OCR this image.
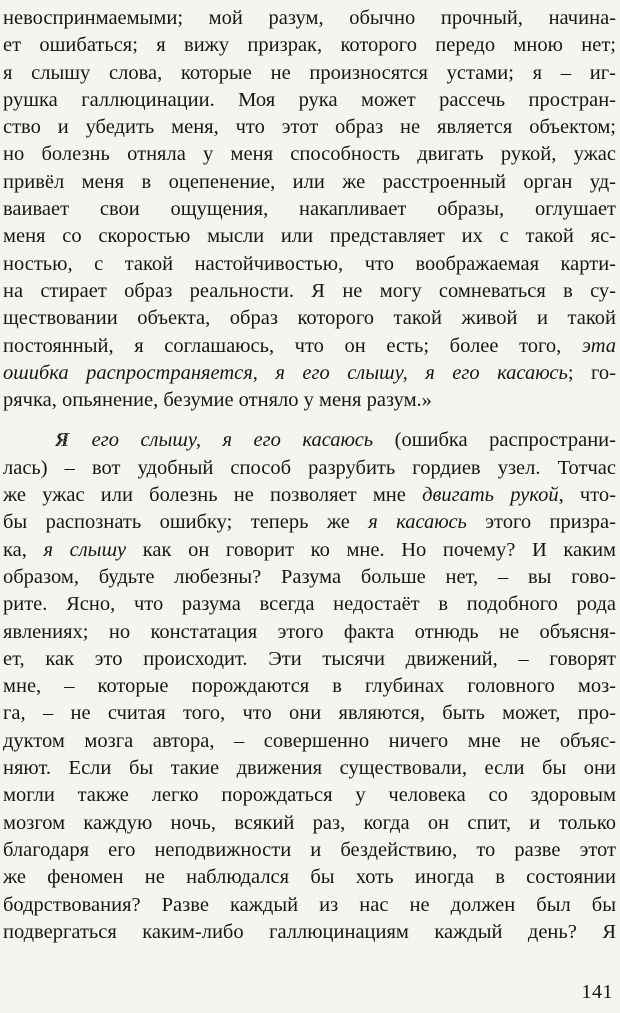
невоспринмаемыми; мой разум, обычно прочный, начина-
ет ошибаться; я вижу призрак, которого передо мною нет;
я слышу слова, которые не произносятся устами; я – иг-
рушка галлюцинации. Моя рука может рассечь простран-
ство и убедить меня, что этот образ не является объектом;
но болезнь отняла у меня способность двигать рукой, ужас
привёл меня в оцепенение, или же расстроенный орган уд-
ваивает свои ощущения, накапливает образы, оглушает
меня со скоростью мысли или представляет их с такой яс-
ностью, с такой настойчивостью, что воображаемая карти-
на стирает образ реальности. Я не могу сомневаться в су-
ществовании объекта, образ которого такой живой и такой
постоянный, я соглашаюсь, что он есть; более того, эта
ошибка распространяется, я его слышу, я его касаюсь; го-
рячка, опьянение, безумие отняло у меня разум.»
Я его слышу, я его касаюсь (ошибка распространи-
лась) – вот удобный способ разрубить гордиев узел. Тотчас
же ужас или болезнь не позволяет мне двигать рукой, что-
бы распознать ошибку; теперь же я касаюсь этого призра-
ка, я слышу как он говорит ко мне. Но почему? И каким
образом, будьте любезны? Разума больше нет, – вы гово-
рите. Ясно, что разума всегда недостаёт в подобного рода
явлениях; но констатация этого факта отнюдь не объясня-
ет, как это происходит. Эти тысячи движений, – говорят
мне, – которые порождаются в глубинах головного моз-
га, – не считая того, что они являются, быть может, про-
дуктом мозга автора, – совершенно ничего мне не объяс-
няют. Если бы такие движения существовали, если бы они
могли также легко порождаться у человека со здоровым
мозгом каждую ночь, всякий раз, когда он спит, и только
благодаря его неподвижности и бездействию, то разве этот
же феномен не наблюдался бы хоть иногда в состоянии
бодрствования? Разве каждый из нас не должен был бы
подвергаться каким-либо галлюцинациям каждый день? Я
141
